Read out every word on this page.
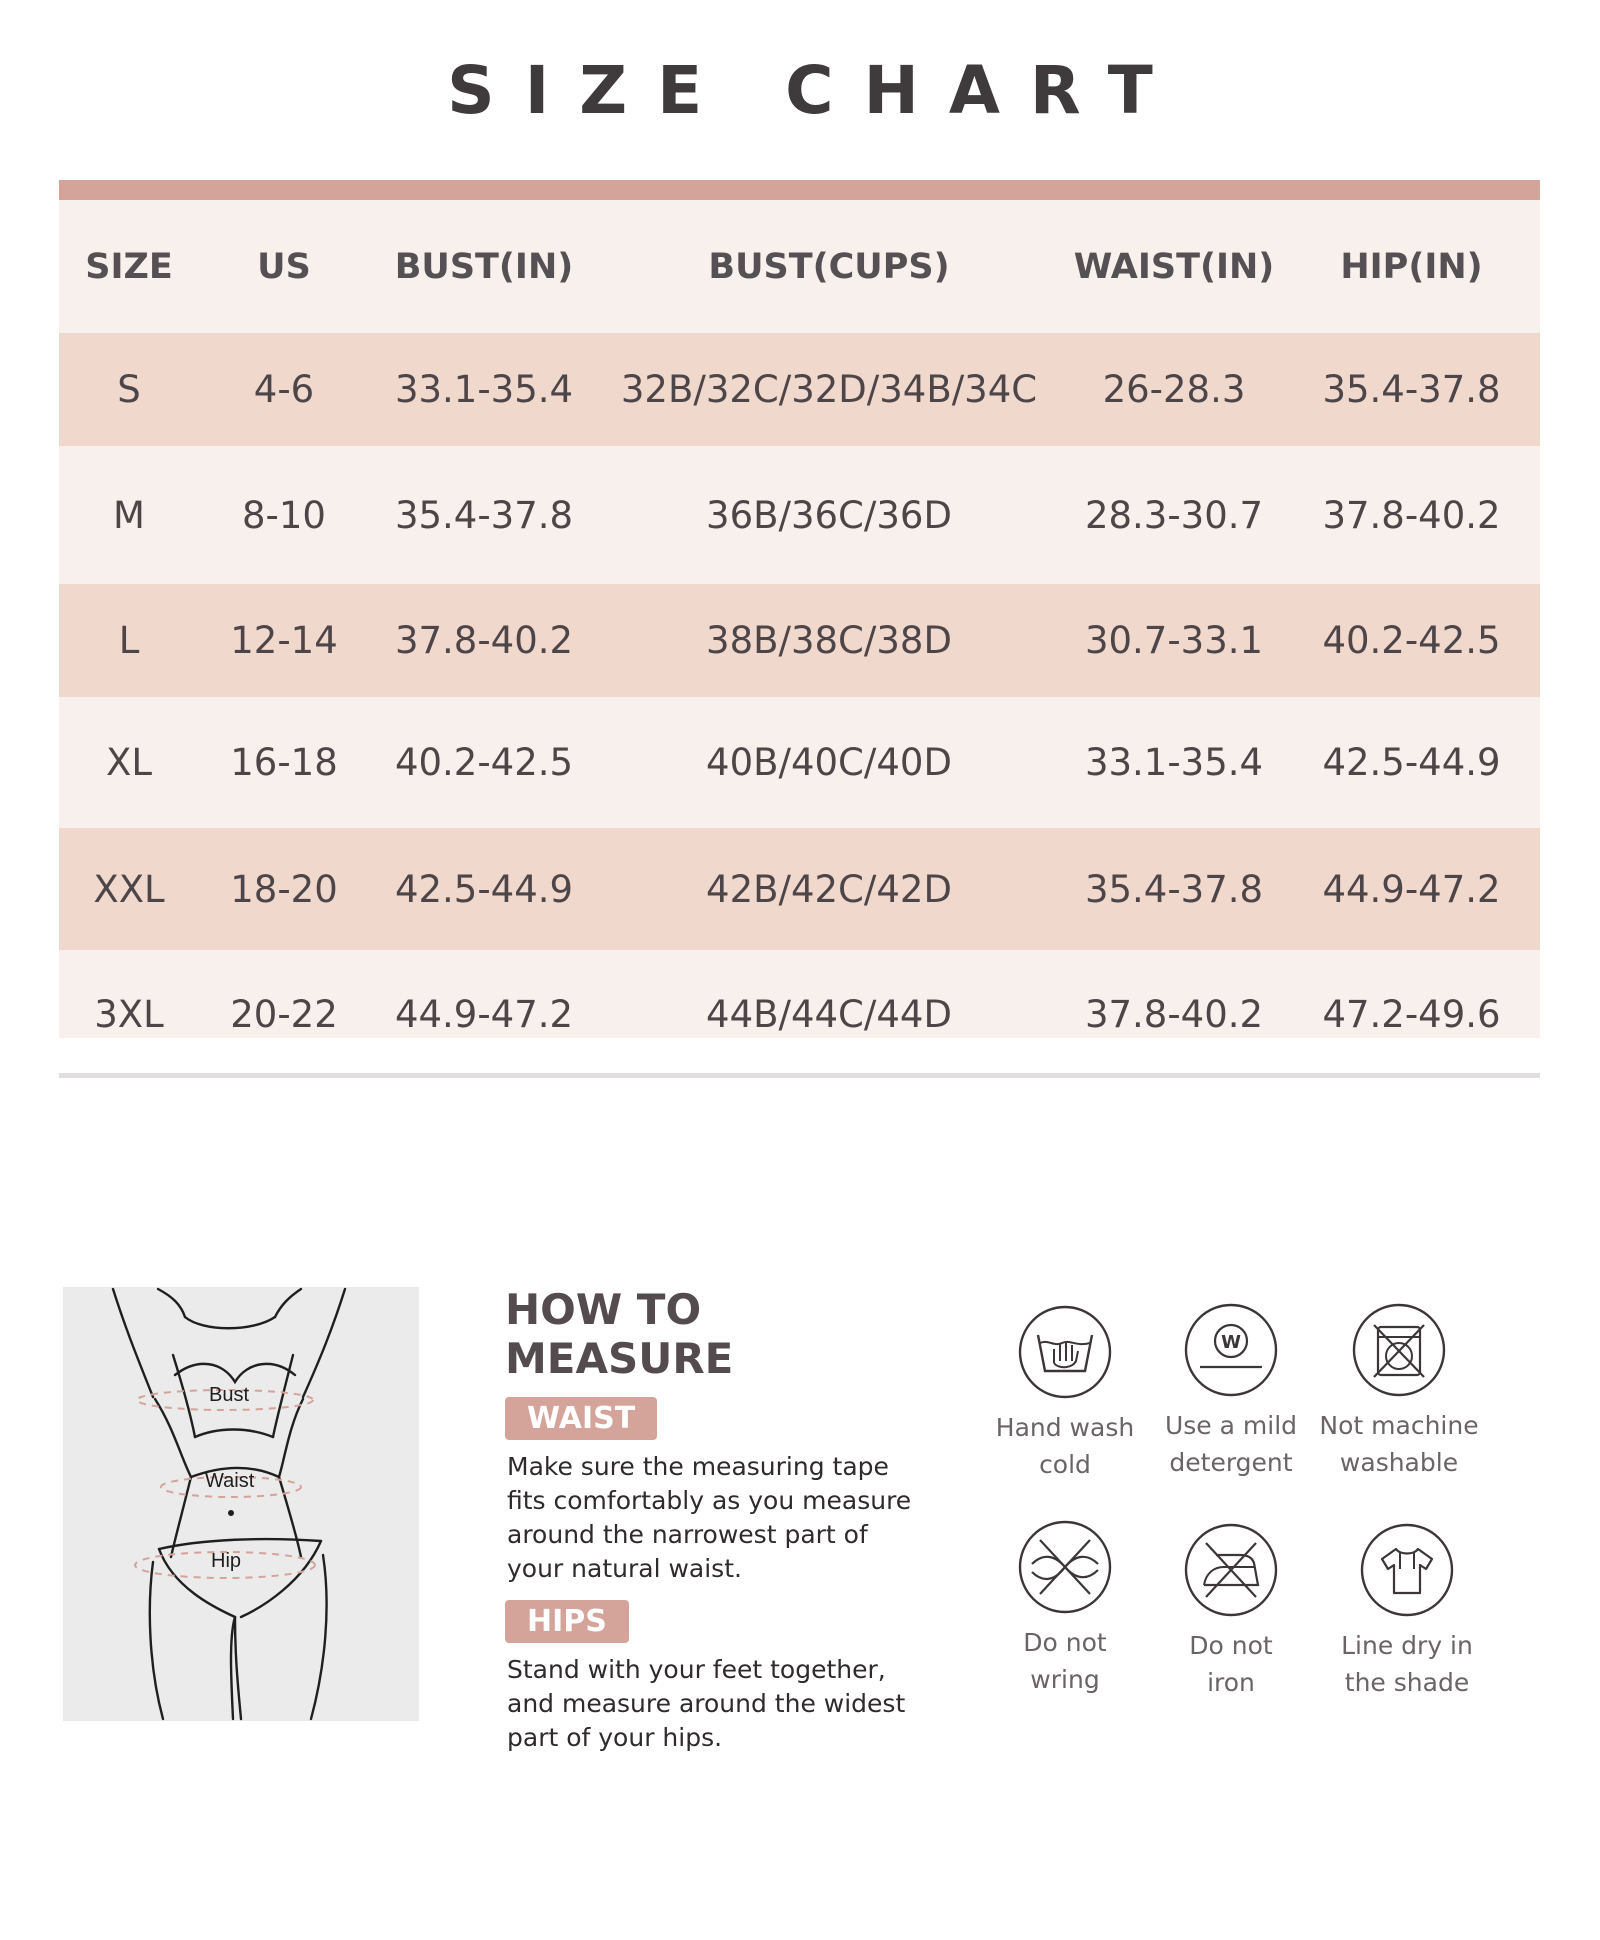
SIZE CHART
SIZE	US	BUST(IN)	BUST(CUPS)	WAIST(IN)	HIP(IN)
S	4-6	33.1-35.4	32B/32C/32D/34B/34C	26-28.3	35.4-37.8
M	8-10	35.4-37.8	36B/36C/36D	28.3-30.7	37.8-40.2
L	12-14	37.8-40.2	38B/38C/38D	30.7-33.1	40.2-42.5
XL	16-18	40.2-42.5	40B/40C/40D	33.1-35.4	42.5-44.9
XXL	18-20	42.5-44.9	42B/42C/42D	35.4-37.8	44.9-47.2
3XL	20-22	44.9-47.2	44B/44C/44D	37.8-40.2	47.2-49.6
Bust
Waist
Hip
HOW TO MEASURE
WAIST

Make sure the measuring tape fits comfortably as you measure around the narrowest part of your natural waist.

HIPS

Stand with your feet together, and measure around the widest part of your hips.

Hand wash
cold
W
Use a mild
detergent
Not machine
washable
Do not
wring
Do not
iron
Line dry in
the shade
